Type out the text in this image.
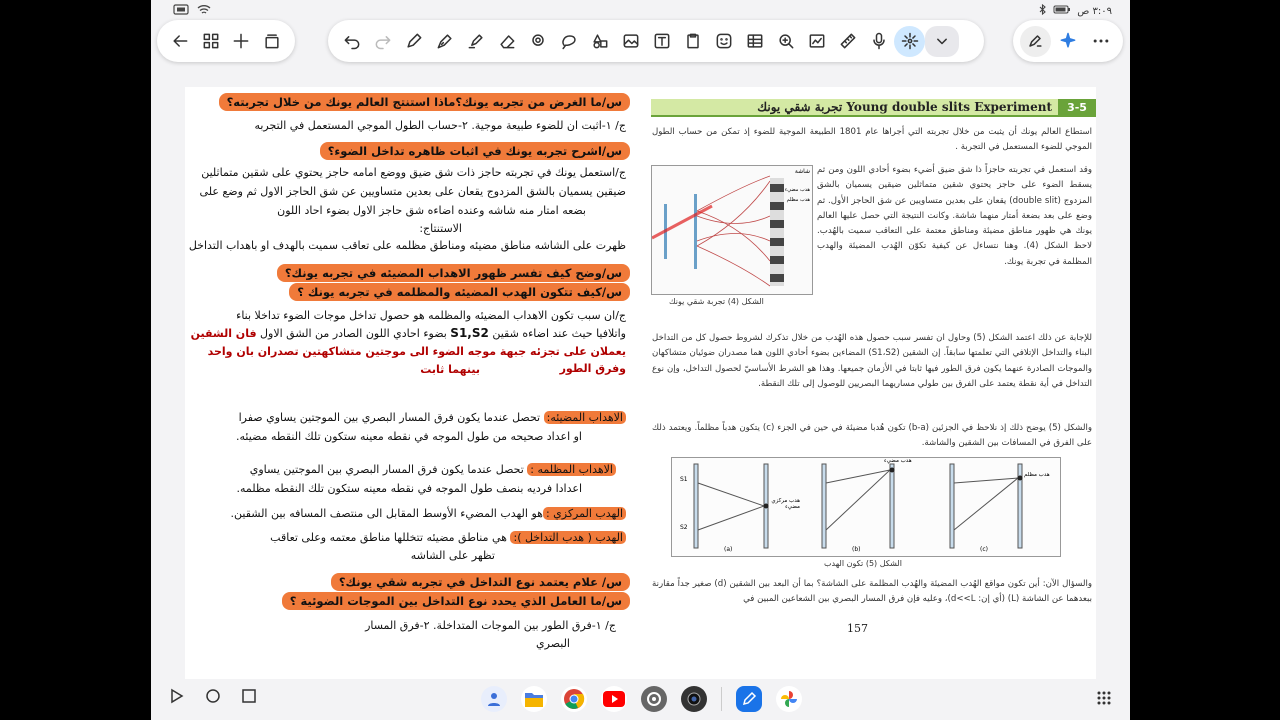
٣:٠٩ ص
س/ما الغرض من تجربه يونك؟ماذا استنتج العالم يونك من خلال تجربته؟
ج/ ١-اثبت ان للضوء طبيعة موجية. ٢-حساب الطول الموجي المستعمل في التجربه
س/اشرح تجربه يونك في اثبات ظاهره تداخل الضوء؟
ج/استعمل يونك في تجربته حاجز ذات شق ضيق ووضع امامه حاجز يحتوي على شقين متماثلين
ضيقين يسميان بالشق المزدوج يقعان على بعدين متساويين عن شق الحاجز الاول ثم وضع على
بضعه امتار منه شاشه وعنده اضاءه شق حاجز الاول بضوء احاد اللون
الاستنتاج:
ظهرت على الشاشه مناطق مضيئه ومناطق مظلمه على تعاقب سميت بالهدف او باهداب التداخل
س/وضح كيف تفسر ظهور الاهداب المضيئه في تجربه يونك؟
س/كيف تتكون الهدب المضيئه والمظلمه في تجربه يونك ؟
ج/ان سبب تكون الاهداب المضيئه والمظلمه هو حصول تداخل موجات الضوء تداخلا بناء
واتلافيا حيث عند اضاءه شقين S1,S2 بضوء احادي اللون الصادر من الشق الاول فان الشقين
يعملان على تجزئه جبهة موجه الضوء الى موجتين متشاكهتين تصدران بان واحد وفرق الطور
بينهما ثابت
الاهداب المضيئه: تحصل عندما يكون فرق المسار البصري بين الموجتين يساوي صفرا
او اعداد صحيحه من طول الموجه في نقطه معينه ستكون تلك النقطه مضيئه.
الاهداب المظلمه : تحصل عندما يكون فرق المسار البصري بين الموجتين يساوي
اعدادا فرديه بنصف طول الموجه في نقطه معينه ستكون تلك النقطه مظلمه.
الهدب المركزي :هو الهدب المضيء الأوسط المقابل الى منتصف المسافه بين الشقين.
الهدب ( هدب التداخل ): هي مناطق مضيئه تتخللها مناطق معتمه وعلى تعاقب
تظهر على الشاشه
س/ علام يعتمد نوع التداخل في تجربه شقي يونك؟
س/ما العامل الذي يحدد نوع التداخل بين الموجات الضوئية ؟
ج/ ١-فرق الطور بين الموجات المتداخلة. ٢-فرق المسار
البصري
3-5
تجربة شقي يونك Young double slits Experiment
استطاع العالم يونك أن يثبت من خلال تجربته التي أجراها عام 1801 الطبيعة الموجية للضوء إذ تمكن من حساب الطول الموجي للضوء المستعمل في التجربة .
وقد استعمل في تجربته حاجزاً ذا شق ضيق أضيء بضوء أحادي اللون ومن ثم يسقط الضوء على حاجز يحتوي شقين متماثلين ضيقين يسميان بالشق المزدوج (double slit) يقعان على بعدين متساويين عن شق الحاجز الأول. ثم وضع على بعد بضعة أمتار منهما شاشة. وكانت النتيجة التي حصل عليها العالم يونك هي ظهور مناطق مضيئة ومناطق معتمة على التعاقب سميت بالهُدب. لاحظ الشكل (4). وهنا نتساءل عن كيفية تكوّن الهُدب المضيئة والهدب المظلمة في تجربة يونك.
شاشة
هدب مضيء
هدب مظلم
الشكل (4) تجربة شقي يونك
للإجابة عن ذلك اعتمد الشكل (5) وحاول ان تفسر سبب حصول هذه الهُدب من خلال تذكرك لشروط حصول كل من التداخل البناء والتداخل الإتلافي التي تعلمتها سابقاً. إن الشقين (S1،S2) المضاءين بضوء أحادي اللون هما مصدران ضوئيان متشاكهان والموجات الصادرة عنهما يكون فرق الطور فيها ثابتا في الأزمان جميعها. وهذا هو الشرط الأساسيّ لحصول التداخل، وإن نوع التداخل في أية نقطة يعتمد على الفرق بين طولي مساريهما البصريين للوصول إلى تلك النقطة.
والشكل (5) يوضح ذلك إذ نلاحظ في الجزئين (b-a) تكون هُدبا مضيئة في حين في الجزء (c) يتكون هدباً مظلماً. ويعتمد ذلك على الفرق في المسافات بين الشقين والشاشة.
S1
S2
هدب مركزي مضيء
هدب مضيء
هدب مظلم
(a)	(b)	(c)
الشكل (5) تكون الهدب
والسؤال الآن: أين تكون مواقع الهُدب المضيئة والهُدب المظلمة على الشاشة؟ بما أن البعد بين الشقين (d) صغير جداً مقارنة ببعدهما عن الشاشة (L) (أي إن: d<<L)، وعليه فإن فرق المسار البصري بين الشعاعين المبين في
157
